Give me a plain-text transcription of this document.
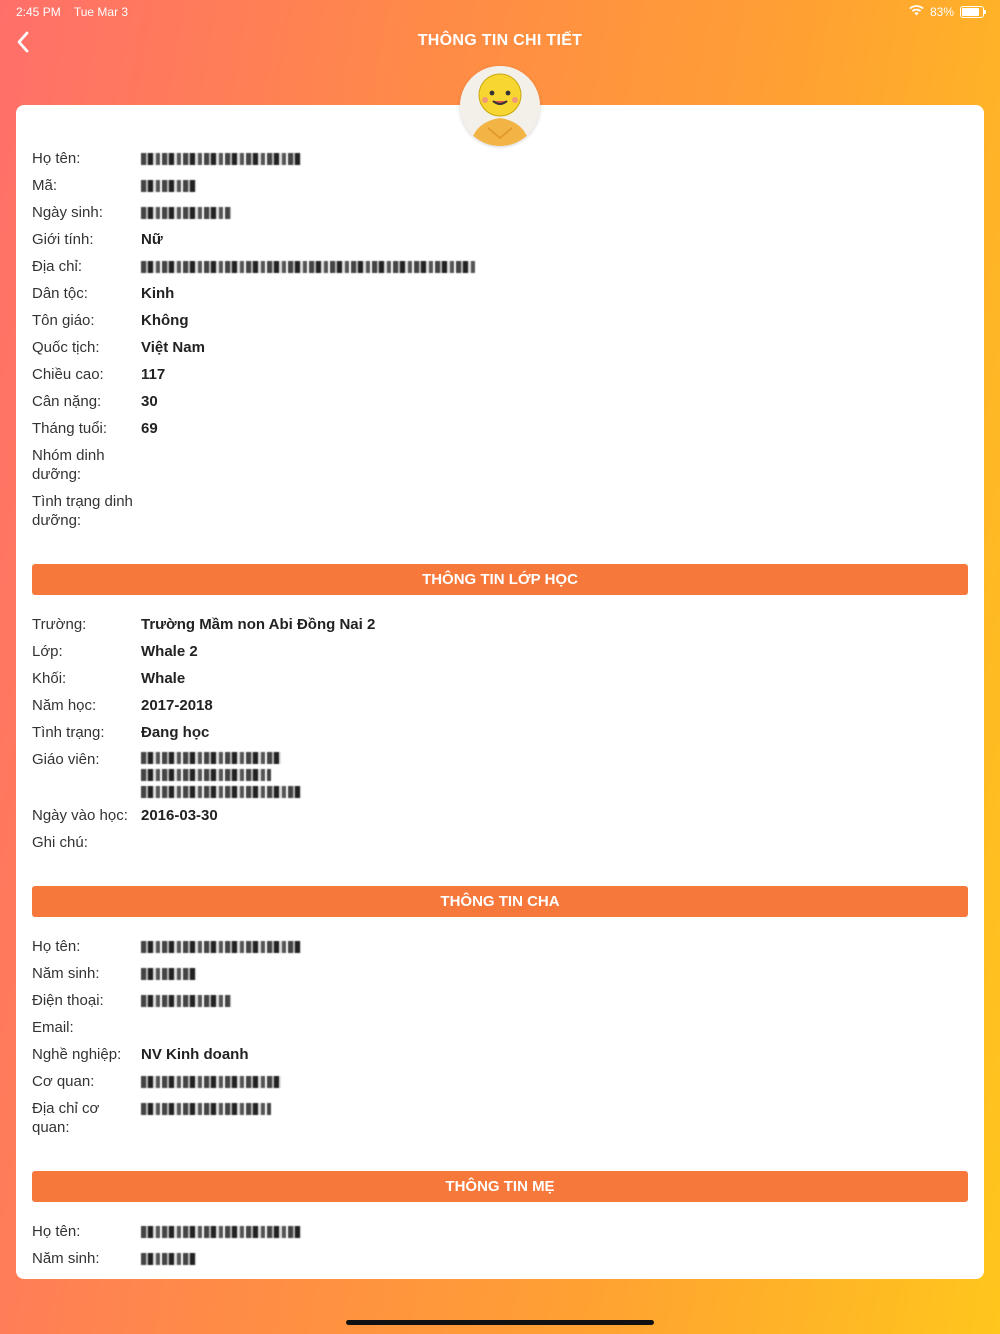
2:45 PM Tue Mar 3	83%
THÔNG TIN CHI TIẾT
Họ tên:
Mã:
Ngày sinh:
Giới tính:	Nữ
Địa chỉ:
Dân tộc:	Kinh
Tôn giáo:	Không
Quốc tịch:	Việt Nam
Chiều cao:	117
Cân nặng:	30
Tháng tuổi:	69
Nhóm dinh dưỡng:
Tình trạng dinh dưỡng:
THÔNG TIN LỚP HỌC
Trường:	Trường Mầm non Abi Đồng Nai 2
Lớp:	Whale 2
Khối:	Whale
Năm học:	2017-2018
Tình trạng:	Đang học
Giáo viên:
Ngày vào học: 2016-03-30
Ghi chú:
THÔNG TIN CHA
Họ tên:
Năm sinh:
Điện thoại:
Email:
Nghề nghiệp:	NV Kinh doanh
Cơ quan:
Địa chỉ cơ quan:
THÔNG TIN MẸ
Họ tên:
Năm sinh:
